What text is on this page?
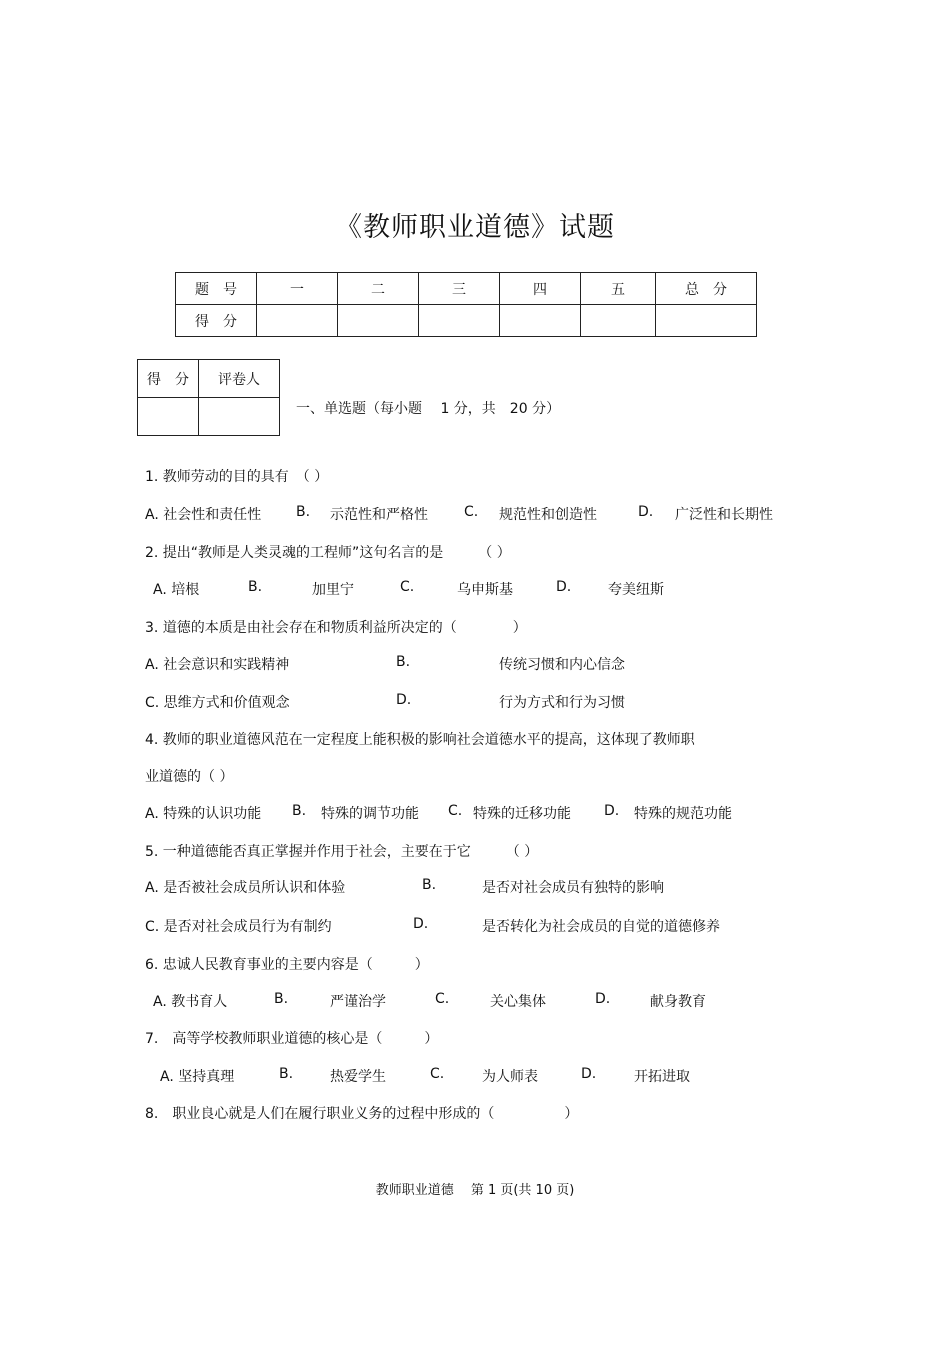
《教师职业道德》试题
题　号	一	二	三	四	五	总　分
得　分						
得　分	评卷人

一、单选题（每小题　 1 分，共　20 分）
1. 教师劳动的目的具有　（ ）
A. 社会性和责任性 B. 示范性和严格性	C. 规范性和创造性	D. 广泛性和长期性
2. 提出“教师是人类灵魂的工程师”这句名言的是　　　（ ）
A. 培根	B.	加里宁	C.	乌申斯基	D.	夸美纽斯
3. 道德的本质是由社会存在和物质利益所决定的（　　　　）
A. 社会意识和实践精神	B.	传统习惯和内心信念
C. 思维方式和价值观念	D.	行为方式和行为习惯
4. 教师的职业道德风范在一定程度上能积极的影响社会道德水平的提高，这体现了教师职
业道德的（ ）
A. 特殊的认识功能 B. 特殊的调节功能 C. 特殊的迁移功能 D. 特殊的规范功能
5. 一种道德能否真正掌握并作用于社会，主要在于它　　　（ ）
A. 是否被社会成员所认识和体验	B.	是否对社会成员有独特的影响
C. 是否对社会成员行为有制约	D.	是否转化为社会成员的自觉的道德修养
6. 忠诚人民教育事业的主要内容是（　　　）
A. 教书育人	B.	严谨治学	C.	关心集体	D.	献身教育
7.　高等学校教师职业道德的核心是（　　　）
A. 坚持真理	B.	热爱学生	C.	为人师表	D.	开拓进取
8.　职业良心就是人们在履行职业义务的过程中形成的（　　　　　）
教师职业道德　 第 1 页(共 10 页)
